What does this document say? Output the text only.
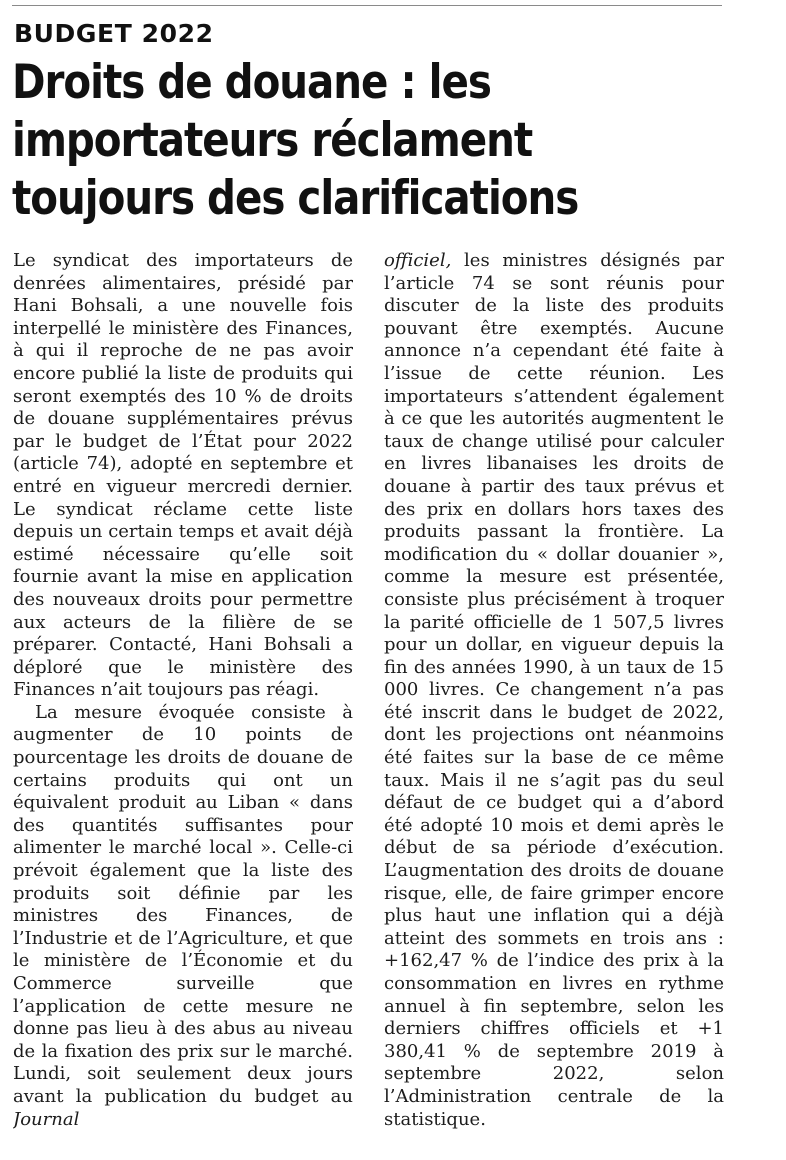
BUDGET 2022
Droits de douane : les
importateurs réclament
toujours des clarifications

Le syndicat des importateurs de denrées alimentaires, présidé par Hani Bohsali, a une nouvelle fois interpellé le ministère des Finances, à qui il reproche de ne pas avoir encore publié la liste de produits qui seront exemptés des 10 % de droits de douane supplémentaires prévus par le budget de l’État pour 2022 (article 74), adopté en septembre et entré en vigueur mercredi dernier. Le syndicat réclame cette liste depuis un certain temps et avait déjà estimé nécessaire qu’elle soit fournie avant la mise en application des nouveaux droits pour permettre aux acteurs de la filière de se préparer. Contacté, Hani Bohsali a déploré que le ministère des Finances n’ait toujours pas réagi.

La mesure évoquée consiste à augmenter de 10 points de pourcentage les droits de douane de certains produits qui ont un équivalent produit au Liban « dans des quantités suffisantes pour alimenter le marché local ». Celle-ci prévoit également que la liste des produits soit définie par les ministres des Finances, de l’Industrie et de l’Agriculture, et que le ministère de l’Économie et du Commerce surveille que l’application de cette mesure ne donne pas lieu à des abus au niveau de la fixation des prix sur le marché. Lundi, soit seulement deux jours avant la publication du budget au Journal

officiel, les ministres désignés par l’article 74 se sont réunis pour discuter de la liste des produits pouvant être exemptés. Aucune annonce n’a cependant été faite à l’issue de cette réunion. Les importateurs s’attendent également à ce que les autorités augmentent le taux de change utilisé pour calculer en livres libanaises les droits de douane à partir des taux prévus et des prix en dollars hors taxes des produits passant la frontière. La modification du « dollar douanier », comme la mesure est présentée, consiste plus précisément à troquer la parité officielle de 1 507,5 livres pour un dollar, en vigueur depuis la fin des années 1990, à un taux de 15 000 livres. Ce changement n’a pas été inscrit dans le budget de 2022, dont les projections ont néanmoins été faites sur la base de ce même taux. Mais il ne s’agit pas du seul défaut de ce budget qui a d’abord été adopté 10 mois et demi après le début de sa période d’exécution. L’augmentation des droits de douane risque, elle, de faire grimper encore plus haut une inflation qui a déjà atteint des sommets en trois ans : +162,47 % de l’indice des prix à la consommation en livres en rythme annuel à fin septembre, selon les derniers chiffres officiels et +1 380,41 % de septembre 2019 à septembre 2022, selon l’Administration centrale de la statistique.
